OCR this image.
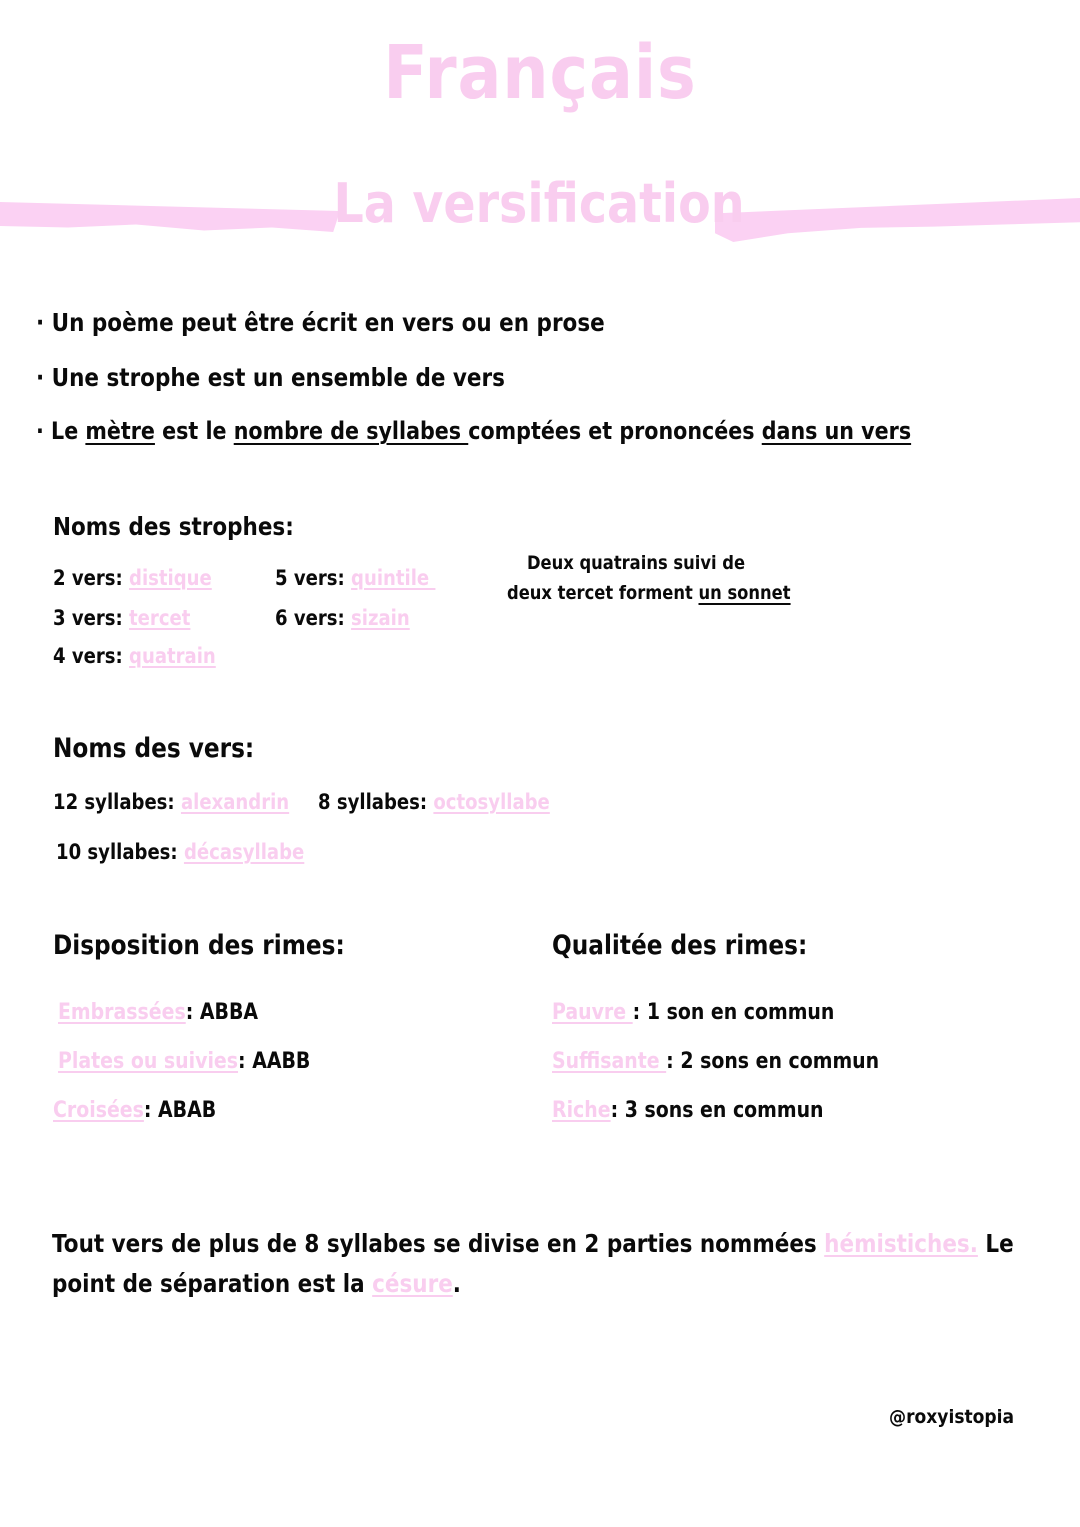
Français
La versification
· Un poème peut être écrit en vers ou en prose
· Une strophe est un ensemble de vers
· Le mètre est le nombre de syllabes comptées et prononcées dans un vers
Noms des strophes:
2 vers: distique
3 vers: tercet
4 vers: quatrain
5 vers: quintile
6 vers: sizain
Deux quatrains suivi de
deux tercet forment un sonnet
Noms des vers:
12 syllabes: alexandrin 8 syllabes: octosyllabe
10 syllabes: décasyllabe
Disposition des rimes:
Embrassées: ABBA
Plates ou suivies: AABB
Croisées: ABAB
Qualitée des rimes:
Pauvre : 1 son en commun
Suffisante : 2 sons en commun
Riche: 3 sons en commun
Tout vers de plus de 8 syllabes se divise en 2 parties nommées hémistiches. Le point de séparation est la césure.
@roxyistopia
